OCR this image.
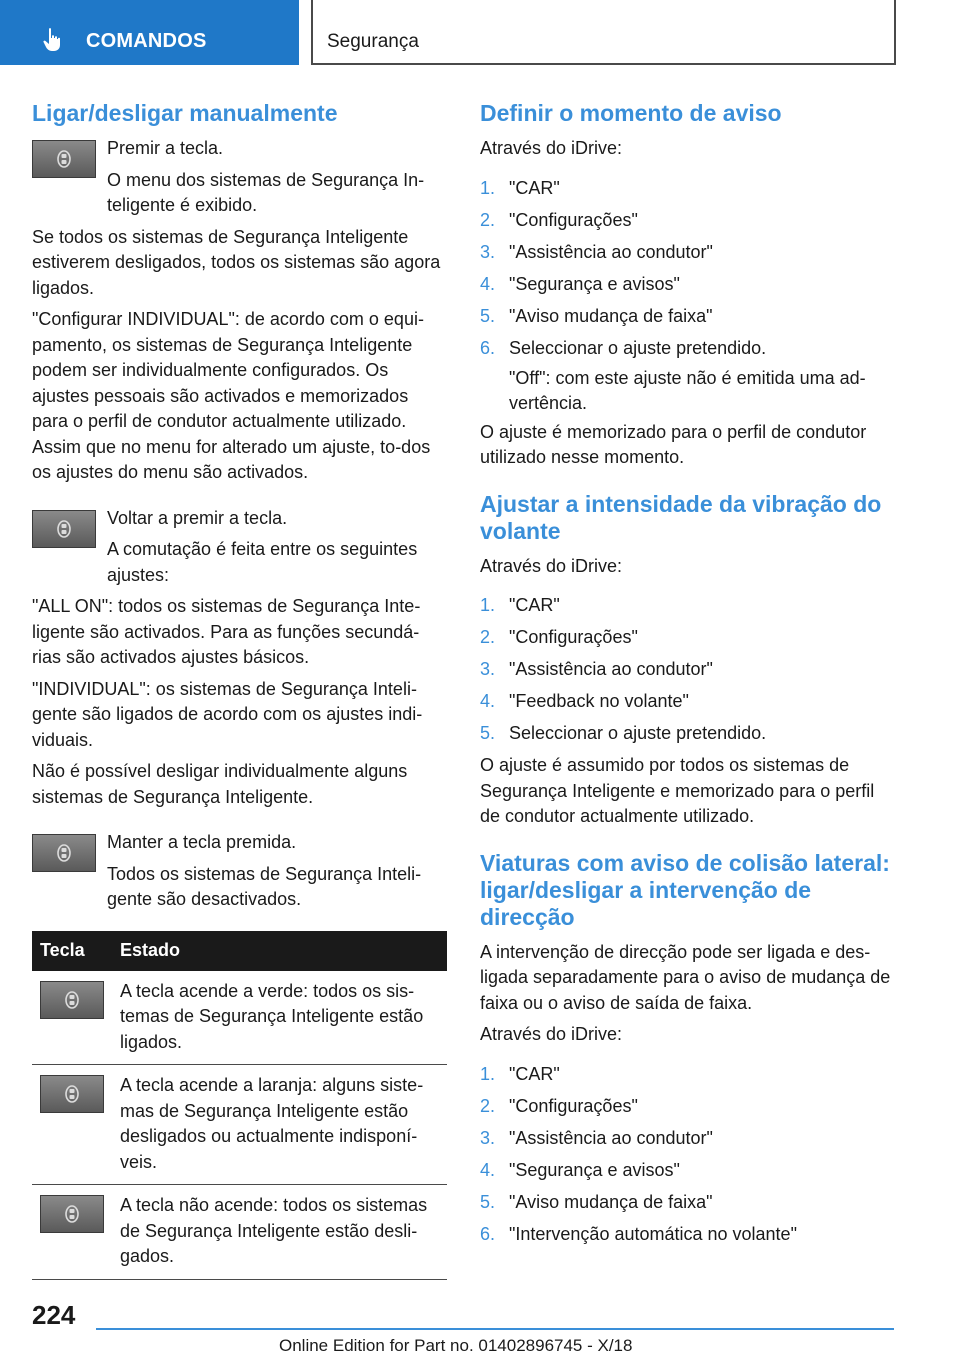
COMANDOS	Segurança
Ligar/desligar manualmente

Premir a tecla.

O menu dos sistemas de Segurança In‐teligente é exibido.

Se todos os sistemas de Segurança Inteligente estiverem desligados, todos os sistemas são agora ligados.

"Configurar INDIVIDUAL": de acordo com o equi‐pamento, os sistemas de Segurança Inteligente podem ser individualmente configurados. Os ajustes pessoais são activados e memorizados para o perfil de condutor actualmente utilizado. Assim que no menu for alterado um ajuste, to‐dos os ajustes do menu são activados.

Voltar a premir a tecla.

A comutação é feita entre os seguintes ajustes:

"ALL ON": todos os sistemas de Segurança Inte‐ligente são activados. Para as funções secundá‐rias são activados ajustes básicos.

"INDIVIDUAL": os sistemas de Segurança Inteli‐gente são ligados de acordo com os ajustes indi‐viduais.

Não é possível desligar individualmente alguns sistemas de Segurança Inteligente.

Manter a tecla premida.

Todos os sistemas de Segurança Inteli‐gente são desactivados.

Tecla	Estado

	A tecla acende a verde: todos os sis‐temas de Segurança Inteligente estão ligados.

	A tecla acende a laranja: alguns siste‐mas de Segurança Inteligente estão desligados ou actualmente indisponí‐veis.

	A tecla não acende: todos os sistemas de Segurança Inteligente estão desli‐gados.
Definir o momento de aviso

Através do iDrive:

1. "CAR"
2. "Configurações"
3. "Assistência ao condutor"
4. "Segurança e avisos"
5. "Aviso mudança de faixa"
6. Seleccionar o ajuste pretendido.
"Off": com este ajuste não é emitida uma ad‐vertência.

O ajuste é memorizado para o perfil de condutor utilizado nesse momento.

Ajustar a intensidade da vibração do volante

Através do iDrive:

1. "CAR"
2. "Configurações"
3. "Assistência ao condutor"
4. "Feedback no volante"
5. Seleccionar o ajuste pretendido.

O ajuste é assumido por todos os sistemas de Segurança Inteligente e memorizado para o perfil de condutor actualmente utilizado.

Viaturas com aviso de colisão lateral: ligar/desligar a intervenção de direcção

A intervenção de direcção pode ser ligada e des‐ligada separadamente para o aviso de mudança de faixa ou o aviso de saída de faixa.

Através do iDrive:

1. "CAR"
2. "Configurações"
3. "Assistência ao condutor"
4. "Segurança e avisos"
5. "Aviso mudança de faixa"
6. "Intervenção automática no volante"
224
Online Edition for Part no. 01402896745 - X/18
